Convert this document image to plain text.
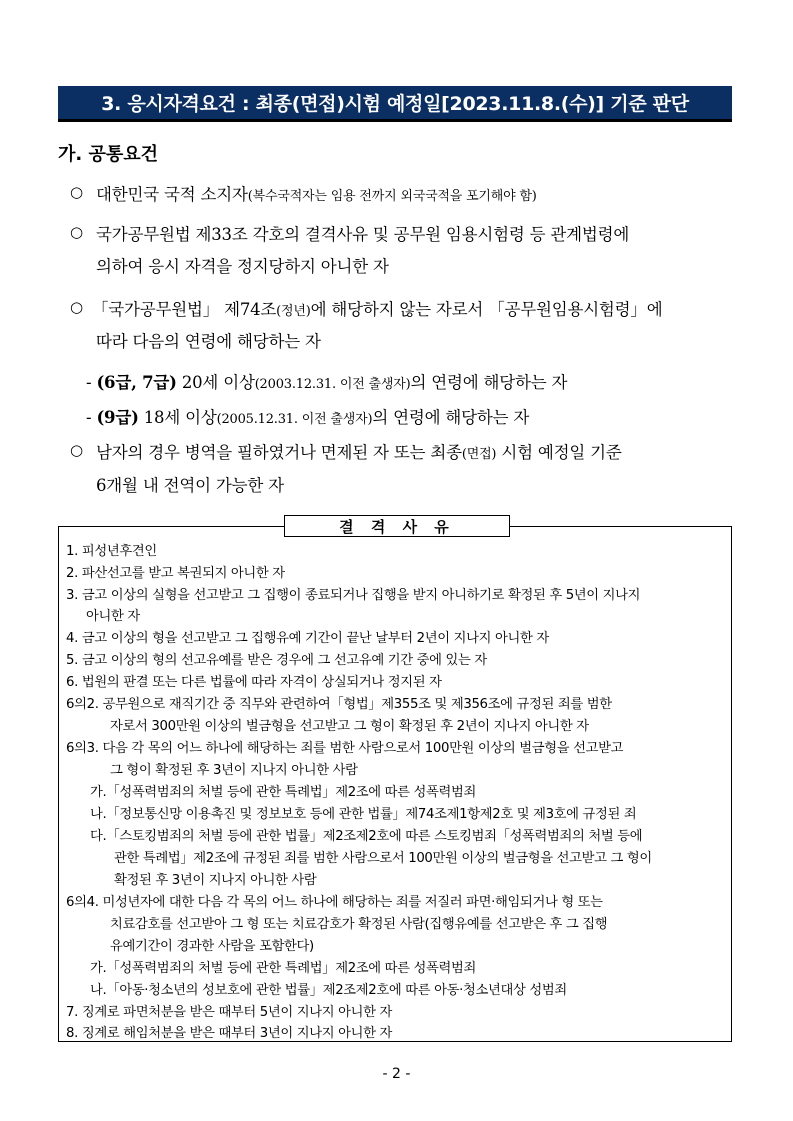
3. 응시자격요건 : 최종(면접)시험 예정일[2023.11.8.(수)] 기준 판단
가. 공통요건
○ 대한민국 국적 소지자(복수국적자는 임용 전까지 외국국적을 포기해야 함)
○ 국가공무원법 제33조 각호의 결격사유 및 공무원 임용시험령 등 관계법령에
의하여 응시 자격을 정지당하지 아니한 자
○ 「국가공무원법」 제74조(정년)에 해당하지 않는 자로서 「공무원임용시험령」에
따라 다음의 연령에 해당하는 자
- (6급, 7급) 20세 이상(2003.12.31. 이전 출생자)의 연령에 해당하는 자
- (9급) 18세 이상(2005.12.31. 이전 출생자)의 연령에 해당하는 자
○ 남자의 경우 병역을 필하였거나 면제된 자 또는 최종(면접) 시험 예정일 기준
6개월 내 전역이 가능한 자
결 격 사 유
1. 피성년후견인
2. 파산선고를 받고 복권되지 아니한 자
3. 금고 이상의 실형을 선고받고 그 집행이 종료되거나 집행을 받지 아니하기로 확정된 후 5년이 지나지
아니한 자
4. 금고 이상의 형을 선고받고 그 집행유예 기간이 끝난 날부터 2년이 지나지 아니한 자
5. 금고 이상의 형의 선고유예를 받은 경우에 그 선고유예 기간 중에 있는 자
6. 법원의 판결 또는 다른 법률에 따라 자격이 상실되거나 정지된 자
6의2. 공무원으로 재직기간 중 직무와 관련하여「형법」제355조 및 제356조에 규정된 죄를 범한
자로서 300만원 이상의 벌금형을 선고받고 그 형이 확정된 후 2년이 지나지 아니한 자
6의3. 다음 각 목의 어느 하나에 해당하는 죄를 범한 사람으로서 100만원 이상의 벌금형을 선고받고
그 형이 확정된 후 3년이 지나지 아니한 사람
가.「성폭력범죄의 처벌 등에 관한 특례법」제2조에 따른 성폭력범죄
나.「정보통신망 이용촉진 및 정보보호 등에 관한 법률」제74조제1항제2호 및 제3호에 규정된 죄
다.「스토킹범죄의 처벌 등에 관한 법률」제2조제2호에 따른 스토킹범죄「성폭력범죄의 처벌 등에
관한 특례법」제2조에 규정된 죄를 범한 사람으로서 100만원 이상의 벌금형을 선고받고 그 형이
확정된 후 3년이 지나지 아니한 사람
6의4. 미성년자에 대한 다음 각 목의 어느 하나에 해당하는 죄를 저질러 파면·해임되거나 형 또는
치료감호를 선고받아 그 형 또는 치료감호가 확정된 사람(집행유예를 선고받은 후 그 집행
유예기간이 경과한 사람을 포함한다)
가.「성폭력범죄의 처벌 등에 관한 특례법」제2조에 따른 성폭력범죄
나.「아동·청소년의 성보호에 관한 법률」제2조제2호에 따른 아동·청소년대상 성범죄
7. 징계로 파면처분을 받은 때부터 5년이 지나지 아니한 자
8. 징계로 해임처분을 받은 때부터 3년이 지나지 아니한 자
- 2 -
